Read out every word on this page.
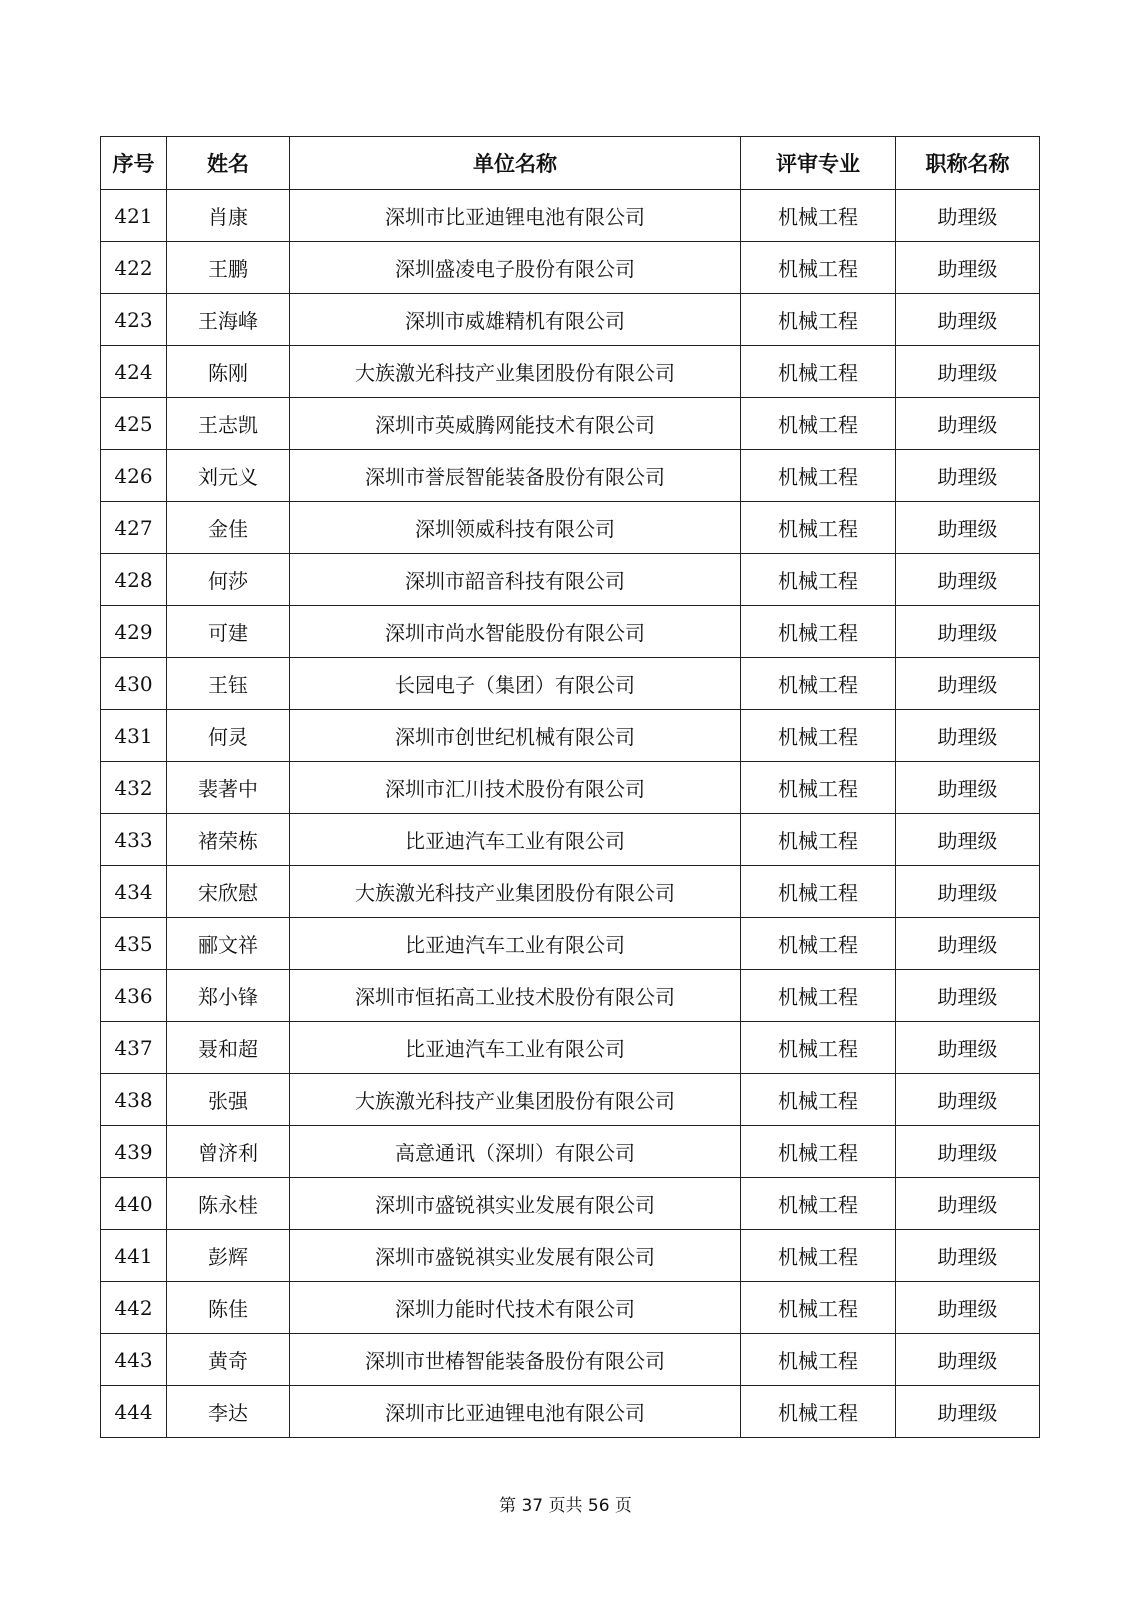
序号	姓名	单位名称	评审专业	职称名称
421	肖康	深圳市比亚迪锂电池有限公司	机械工程	助理级
422	王鹏	深圳盛凌电子股份有限公司	机械工程	助理级
423	王海峰	深圳市威雄精机有限公司	机械工程	助理级
424	陈刚	大族激光科技产业集团股份有限公司	机械工程	助理级
425	王志凯	深圳市英威腾网能技术有限公司	机械工程	助理级
426	刘元义	深圳市誉辰智能装备股份有限公司	机械工程	助理级
427	金佳	深圳领威科技有限公司	机械工程	助理级
428	何莎	深圳市韶音科技有限公司	机械工程	助理级
429	可建	深圳市尚水智能股份有限公司	机械工程	助理级
430	王钰	长园电子（集团）有限公司	机械工程	助理级
431	何灵	深圳市创世纪机械有限公司	机械工程	助理级
432	裴著中	深圳市汇川技术股份有限公司	机械工程	助理级
433	褚荣栋	比亚迪汽车工业有限公司	机械工程	助理级
434	宋欣慰	大族激光科技产业集团股份有限公司	机械工程	助理级
435	郦文祥	比亚迪汽车工业有限公司	机械工程	助理级
436	郑小锋	深圳市恒拓高工业技术股份有限公司	机械工程	助理级
437	聂和超	比亚迪汽车工业有限公司	机械工程	助理级
438	张强	大族激光科技产业集团股份有限公司	机械工程	助理级
439	曾济利	高意通讯（深圳）有限公司	机械工程	助理级
440	陈永桂	深圳市盛锐祺实业发展有限公司	机械工程	助理级
441	彭辉	深圳市盛锐祺实业发展有限公司	机械工程	助理级
442	陈佳	深圳力能时代技术有限公司	机械工程	助理级
443	黄奇	深圳市世椿智能装备股份有限公司	机械工程	助理级
444	李达	深圳市比亚迪锂电池有限公司	机械工程	助理级
第 37 页共 56 页
